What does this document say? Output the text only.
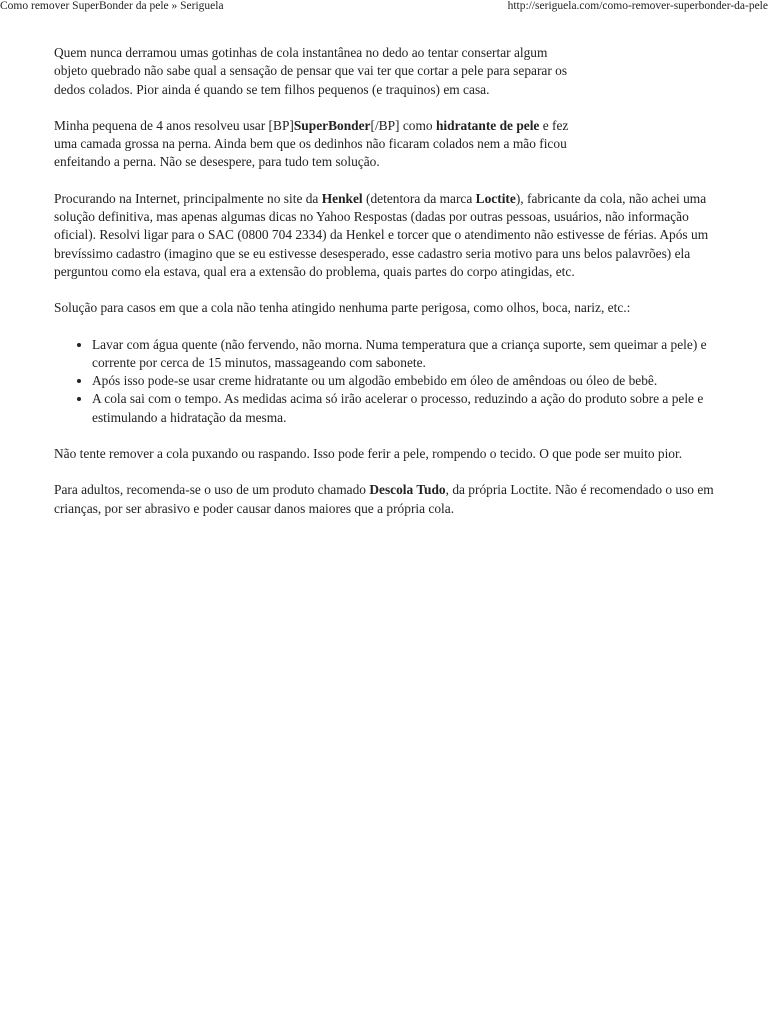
Como remover SuperBonder da pele » Seriguela	http://seriguela.com/como-remover-superbonder-da-pele

Quem nunca derramou umas gotinhas de cola instantânea no dedo ao tentar consertar algum objeto quebrado não sabe qual a sensação de pensar que vai ter que cortar a pele para separar os dedos colados. Pior ainda é quando se tem filhos pequenos (e traquinos) em casa.

Minha pequena de 4 anos resolveu usar [BP]SuperBonder[/BP] como hidratante de pele e fez uma camada grossa na perna. Ainda bem que os dedinhos não ficaram colados nem a mão ficou enfeitando a perna. Não se desespere, para tudo tem solução.

Procurando na Internet, principalmente no site da Henkel (detentora da marca Loctite), fabricante da cola, não achei uma solução definitiva, mas apenas algumas dicas no Yahoo Respostas (dadas por outras pessoas, usuários, não informação oficial). Resolvi ligar para o SAC (0800 704 2334) da Henkel e torcer que o atendimento não estivesse de férias. Após um brevíssimo cadastro (imagino que se eu estivesse desesperado, esse cadastro seria motivo para uns belos palavrões) ela perguntou como ela estava, qual era a extensão do problema, quais partes do corpo atingidas, etc.

Solução para casos em que a cola não tenha atingido nenhuma parte perigosa, como olhos, boca, nariz, etc.:

• Lavar com água quente (não fervendo, não morna. Numa temperatura que a criança suporte, sem queimar a pele) e corrente por cerca de 15 minutos, massageando com sabonete.
• Após isso pode-se usar creme hidratante ou um algodão embebido em óleo de amêndoas ou óleo de bebê.
• A cola sai com o tempo. As medidas acima só irão acelerar o processo, reduzindo a ação do produto sobre a pele e estimulando a hidratação da mesma.

Não tente remover a cola puxando ou raspando. Isso pode ferir a pele, rompendo o tecido. O que pode ser muito pior.

Para adultos, recomenda-se o uso de um produto chamado Descola Tudo, da própria Loctite. Não é recomendado o uso em crianças, por ser abrasivo e poder causar danos maiores que a própria cola.
